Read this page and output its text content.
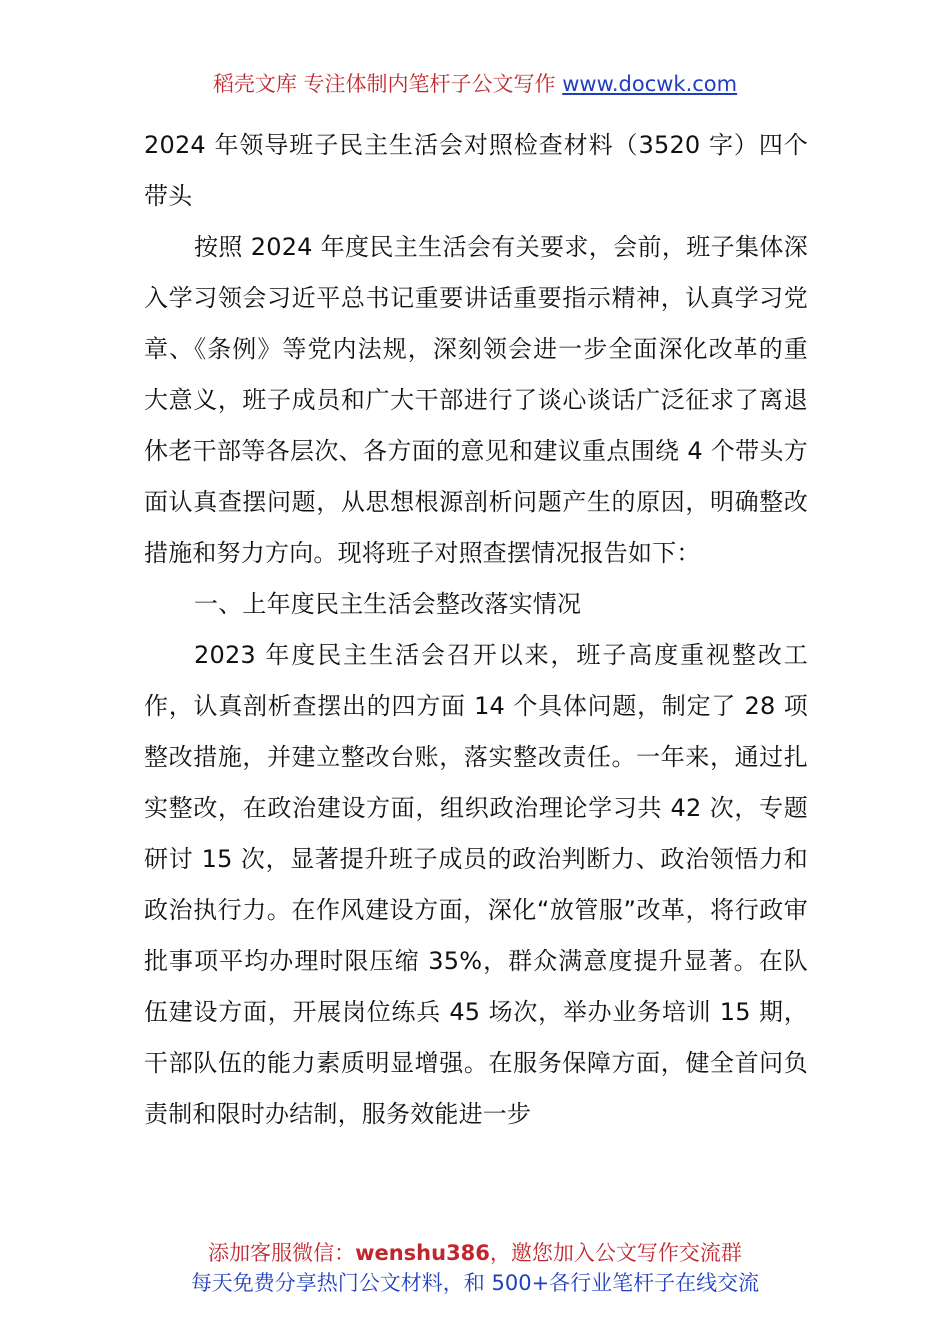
稻壳文库 专注体制内笔杆子公文写作 www.docwk.com

2024 年领导班子民主生活会对照检查材料（3520 字）四个带头

按照 2024 年度民主生活会有关要求，会前，班子集体深入学习领会习近平总书记重要讲话重要指示精神，认真学习党章、《条例》等党内法规，深刻领会进一步全面深化改革的重大意义，班子成员和广大干部进行了谈心谈话广泛征求了离退休老干部等各层次、各方面的意见和建议重点围绕 4 个带头方面认真查摆问题，从思想根源剖析问题产生的原因，明确整改措施和努力方向。现将班子对照查摆情况报告如下：

一、上年度民主生活会整改落实情况

2023 年度民主生活会召开以来，班子高度重视整改工作，认真剖析查摆出的四方面 14 个具体问题，制定了 28 项整改措施，并建立整改台账，落实整改责任。一年来，通过扎实整改，在政治建设方面，组织政治理论学习共 42 次，专题研讨 15 次，显著提升班子成员的政治判断力、政治领悟力和政治执行力。在作风建设方面，深化“放管服”改革，将行政审批事项平均办理时限压缩 35%，群众满意度提升显著。在队伍建设方面，开展岗位练兵 45 场次，举办业务培训 15 期，干部队伍的能力素质明显增强。在服务保障方面，健全首问负责制和限时办结制，服务效能进一步

添加客服微信：wenshu386，邀您加入公文写作交流群
每天免费分享热门公文材料，和 500+各行业笔杆子在线交流
